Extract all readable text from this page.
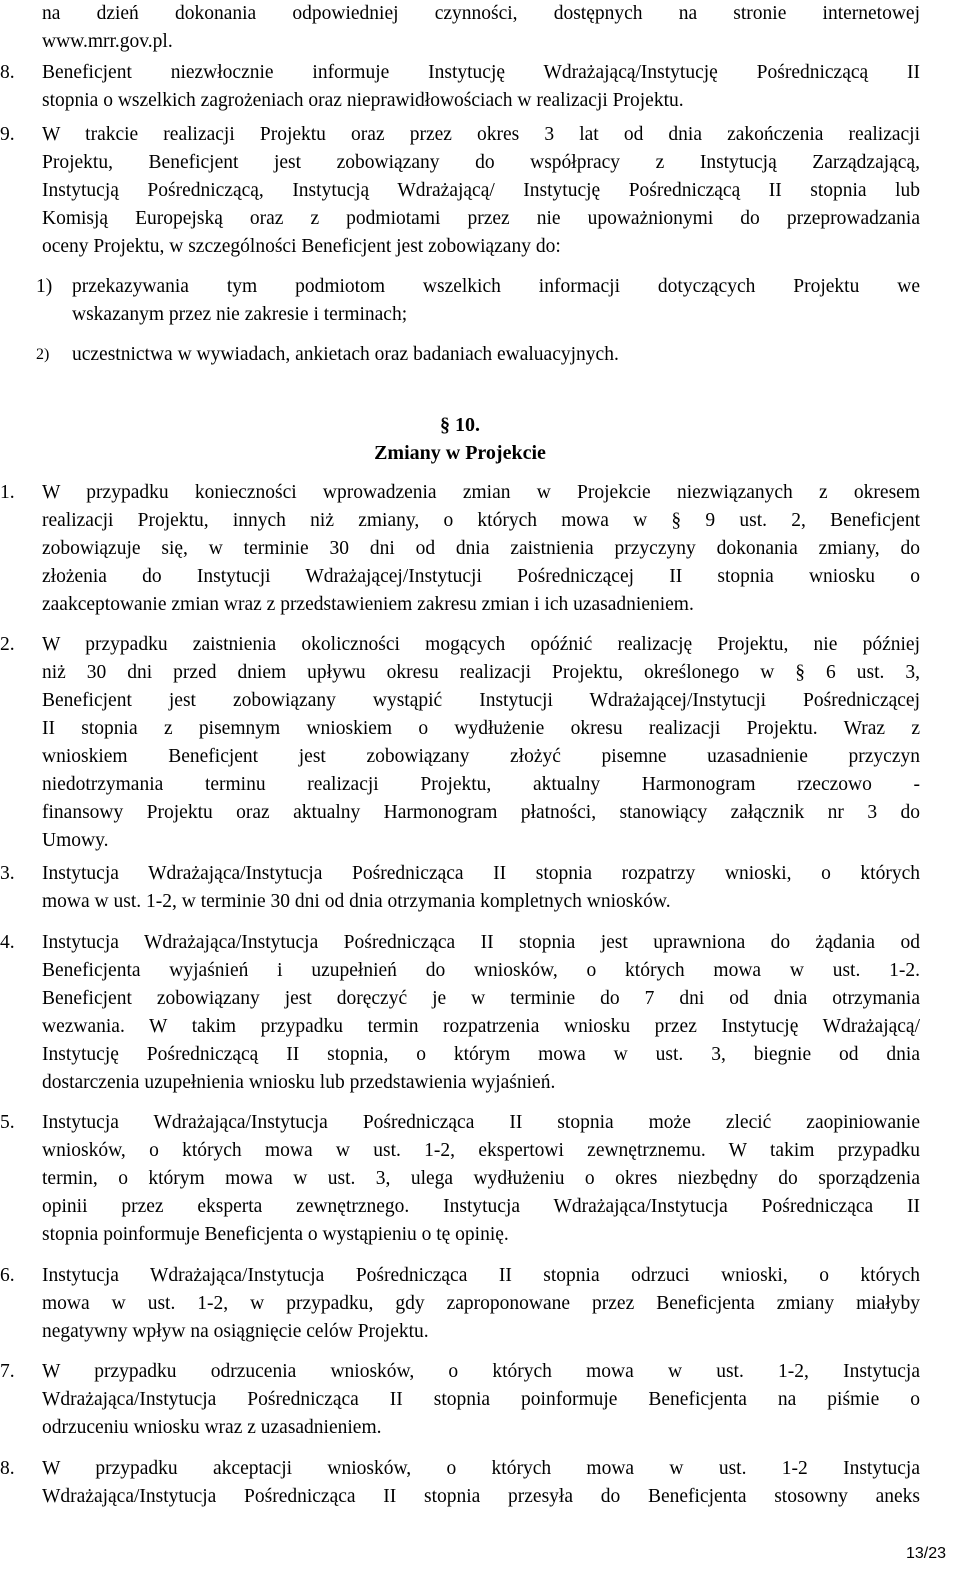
na dzień dokonania odpowiedniej czynności, dostępnych na stronie internetowej
www.mrr.gov.pl.
8. Beneficjent niezwłocznie informuje Instytucję Wdrażającą/Instytucję Pośredniczącą II
stopnia o wszelkich zagrożeniach oraz nieprawidłowościach w realizacji Projektu.
9. W trakcie realizacji Projektu oraz przez okres 3 lat od dnia zakończenia realizacji
Projektu, Beneficjent jest zobowiązany do współpracy z Instytucją Zarządzającą,
Instytucją Pośredniczącą, Instytucją Wdrażającą/ Instytucję Pośredniczącą II stopnia lub
Komisją Europejską oraz z podmiotami przez nie upoważnionymi do przeprowadzania
oceny Projektu, w szczególności Beneficjent jest zobowiązany do:
1) przekazywania tym podmiotom wszelkich informacji dotyczących Projektu we
wskazanym przez nie zakresie i terminach;
2) uczestnictwa w wywiadach, ankietach oraz badaniach ewaluacyjnych.
§ 10.
Zmiany w Projekcie
1. W przypadku konieczności wprowadzenia zmian w Projekcie niezwiązanych z okresem
realizacji Projektu, innych niż zmiany, o których mowa w § 9 ust. 2, Beneficjent
zobowiązuje się, w terminie 30 dni od dnia zaistnienia przyczyny dokonania zmiany, do
złożenia do Instytucji Wdrażającej/Instytucji Pośredniczącej II stopnia wniosku o
zaakceptowanie zmian wraz z przedstawieniem zakresu zmian i ich uzasadnieniem.
2. W przypadku zaistnienia okoliczności mogących opóźnić realizację Projektu, nie później
niż 30 dni przed dniem upływu okresu realizacji Projektu, określonego w § 6 ust. 3,
Beneficjent jest zobowiązany wystąpić Instytucji Wdrażającej/Instytucji Pośredniczącej
II stopnia z pisemnym wnioskiem o wydłużenie okresu realizacji Projektu. Wraz z
wnioskiem Beneficjent jest zobowiązany złożyć pisemne uzasadnienie przyczyn
niedotrzymania terminu realizacji Projektu, aktualny Harmonogram rzeczowo -
finansowy Projektu oraz aktualny Harmonogram płatności, stanowiący załącznik nr 3 do
Umowy.
3. Instytucja Wdrażająca/Instytucja Pośrednicząca II stopnia rozpatrzy wnioski, o których
mowa w ust. 1-2, w terminie 30 dni od dnia otrzymania kompletnych wniosków.
4. Instytucja Wdrażająca/Instytucja Pośrednicząca II stopnia jest uprawniona do żądania od
Beneficjenta wyjaśnień i uzupełnień do wniosków, o których mowa w ust. 1-2.
Beneficjent zobowiązany jest doręczyć je w terminie do 7 dni od dnia otrzymania
wezwania. W takim przypadku termin rozpatrzenia wniosku przez Instytucję Wdrażającą/
Instytucję Pośredniczącą II stopnia, o którym mowa w ust. 3, biegnie od dnia
dostarczenia uzupełnienia wniosku lub przedstawienia wyjaśnień.
5. Instytucja Wdrażająca/Instytucja Pośrednicząca II stopnia może zlecić zaopiniowanie
wniosków, o których mowa w ust. 1-2, ekspertowi zewnętrznemu. W takim przypadku
termin, o którym mowa w ust. 3, ulega wydłużeniu o okres niezbędny do sporządzenia
opinii przez eksperta zewnętrznego. Instytucja Wdrażająca/Instytucja Pośrednicząca II
stopnia poinformuje Beneficjenta o wystąpieniu o tę opinię.
6. Instytucja Wdrażająca/Instytucja Pośrednicząca II stopnia odrzuci wnioski, o których
mowa w ust. 1-2, w przypadku, gdy zaproponowane przez Beneficjenta zmiany miałyby
negatywny wpływ na osiągnięcie celów Projektu.
7. W przypadku odrzucenia wniosków, o których mowa w ust. 1-2, Instytucja
Wdrażająca/Instytucja Pośrednicząca II stopnia poinformuje Beneficjenta na piśmie o
odrzuceniu wniosku wraz z uzasadnieniem.
8. W przypadku akceptacji wniosków, o których mowa w ust. 1-2 Instytucja
Wdrażająca/Instytucja Pośrednicząca II stopnia przesyła do Beneficjenta stosowny aneks
13/23
